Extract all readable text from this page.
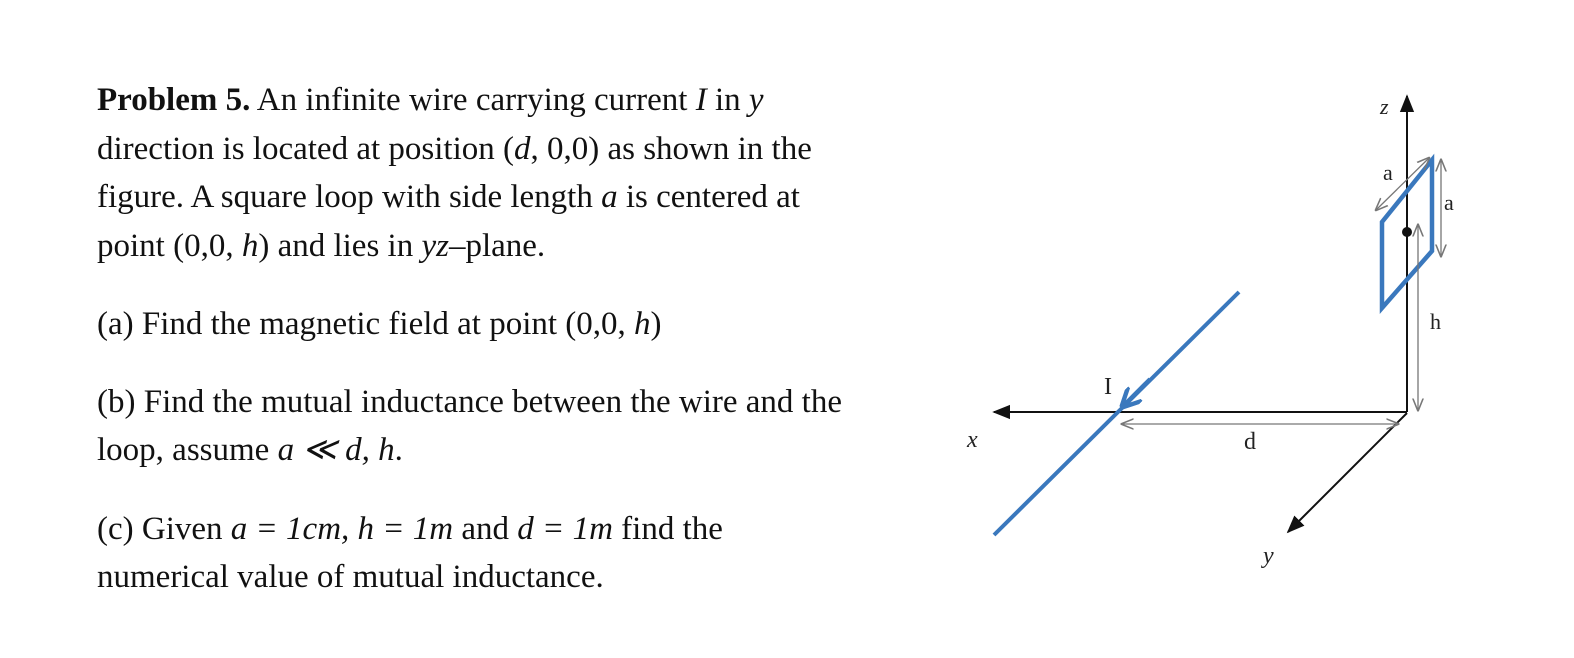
Problem 5. An infinite wire carrying current I in y
direction is located at position (d, 0,0) as shown in the
figure. A square loop with side length a is centered at
point (0,0, h) and lies in yz–plane.

(a) Find the magnetic field at point (0,0, h)

(b) Find the mutual inductance between the wire and the
loop, assume a ≪ d, h.

(c) Given a = 1cm, h = 1m and d = 1m find the
numerical value of mutual inductance.

z
x
y
I
d
h
a
a
